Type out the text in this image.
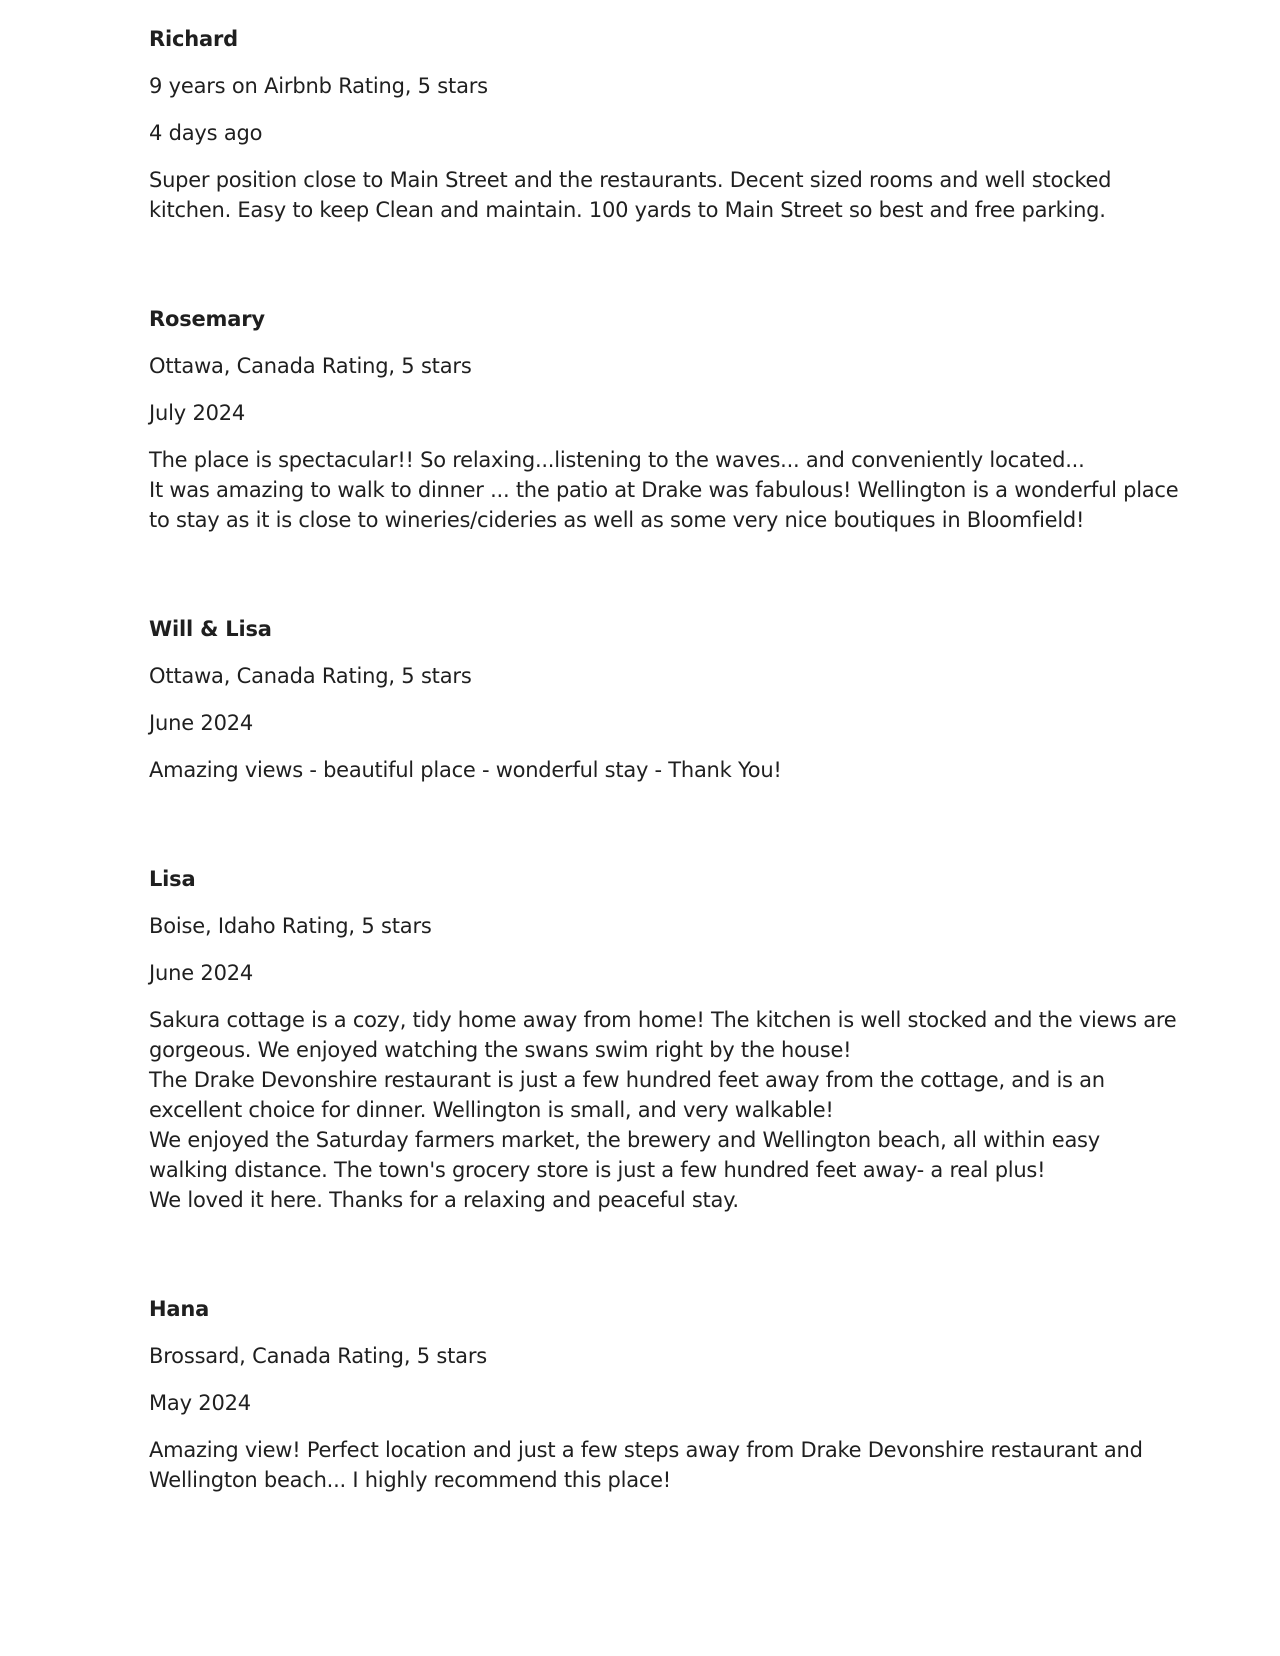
Richard
9 years on Airbnb Rating, 5 stars
4 days ago
Super position close to Main Street and the restaurants. Decent sized rooms and well stocked
kitchen. Easy to keep Clean and maintain. 100 yards to Main Street so best and free parking.
Rosemary
Ottawa, Canada Rating, 5 stars
July 2024
The place is spectacular!! So relaxing...listening to the waves... and conveniently located...
It was amazing to walk to dinner ... the patio at Drake was fabulous! Wellington is a wonderful place
to stay as it is close to wineries/cideries as well as some very nice boutiques in Bloomfield!
Will & Lisa
Ottawa, Canada Rating, 5 stars
June 2024
Amazing views - beautiful place - wonderful stay - Thank You!
Lisa
Boise, Idaho Rating, 5 stars
June 2024
Sakura cottage is a cozy, tidy home away from home! The kitchen is well stocked and the views are
gorgeous. We enjoyed watching the swans swim right by the house!
The Drake Devonshire restaurant is just a few hundred feet away from the cottage, and is an
excellent choice for dinner. Wellington is small, and very walkable!
We enjoyed the Saturday farmers market, the brewery and Wellington beach, all within easy
walking distance. The town's grocery store is just a few hundred feet away- a real plus!
We loved it here. Thanks for a relaxing and peaceful stay.
Hana
Brossard, Canada Rating, 5 stars
May 2024
Amazing view! Perfect location and just a few steps away from Drake Devonshire restaurant and
Wellington beach... I highly recommend this place!
